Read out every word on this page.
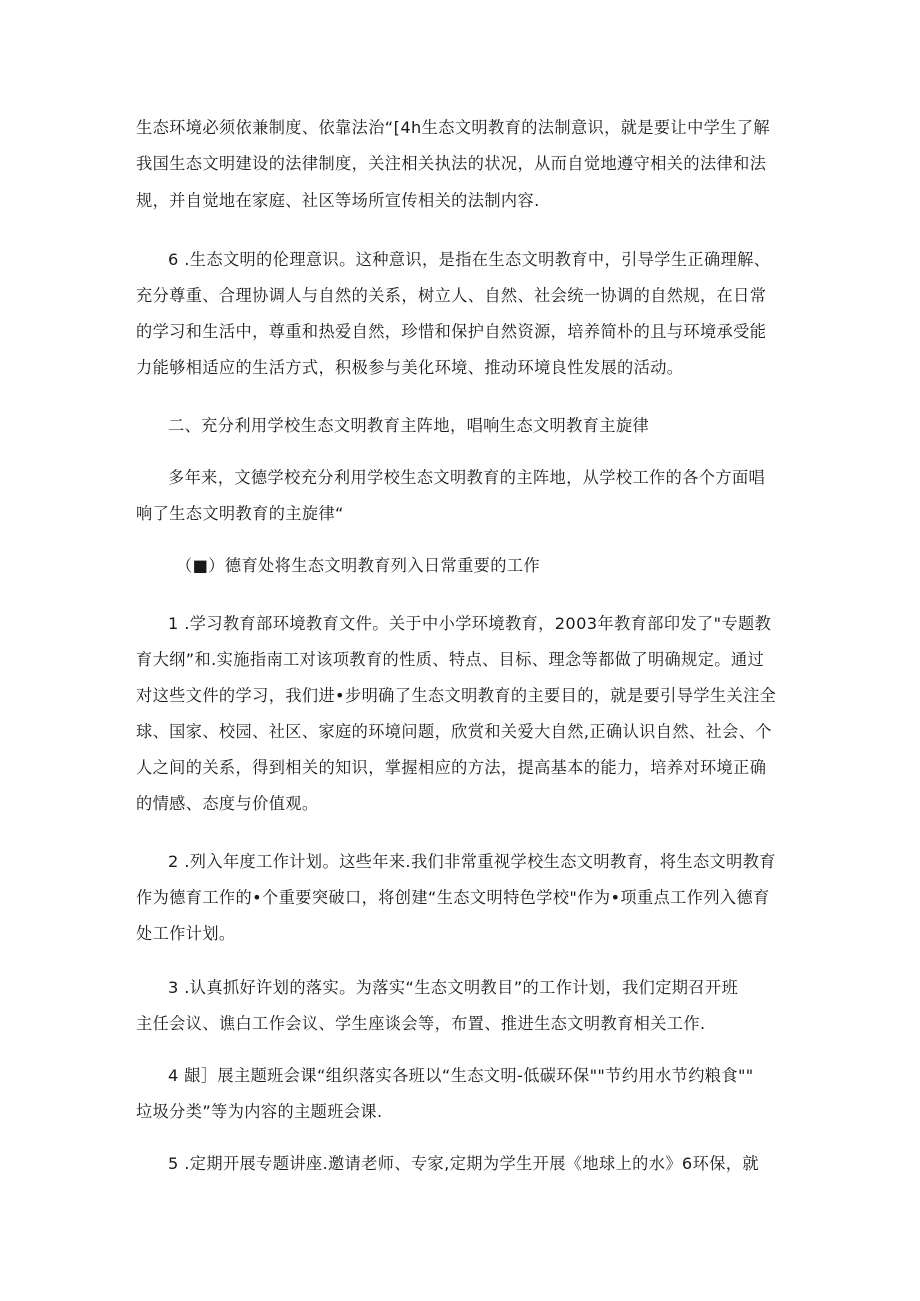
生态环境必须依兼制度、依靠法治“[4h生态文明教育的法制意识，就是要让中学生了解
我国生态文明建设的法律制度，关注相关执法的状况，从而自觉地遵守相关的法律和法
规，并自觉地在家庭、社区等场所宣传相关的法制内容.
6 .生态文明的伦理意识。这种意识，是指在生态文明教育中，引导学生正确理解、
充分尊重、合理协调人与自然的关系，树立人、自然、社会统一协调的自然规，在日常
的学习和生活中，尊重和热爱自然，珍惜和保护自然资源，培养简朴的且与环境承受能
力能够相适应的生活方式，积极参与美化环境、推动环境良性发展的活动。
二、充分利用学校生态文明教育主阵地，唱响生态文明教育主旋律
多年来，文德学校充分利用学校生态文明教育的主阵地，从学校工作的各个方面唱
响了生态文明教育的主旋律“
（■）德育处将生态文明教育列入日常重要的工作
1 .学习教育部环境教育文件。关于中小学环境教育，2003年教育部印发了"专题教
育大纲”和.实施指南工对该项教育的性质、特点、目标、理念等都做了明确规定。通过
对这些文件的学习，我们进•步明确了生态文明教育的主要目的，就是要引导学生关注全
球、国家、校园、社区、家庭的环境问题，欣赏和关爱大自然,正确认识自然、社会、个
人之间的关系，得到相关的知识，掌握相应的方法，提高基本的能力，培养对环境正确
的情感、态度与价值观。
2 .列入年度工作计划。这些年来.我们非常重视学校生态文明教育，将生态文明教育
作为德育工作的•个重要突破口，将创建“生态文明特色学校"作为•项重点工作列入德育
处工作计划。
3 .认真抓好许划的落实。为落实“生态文明教目”的工作计划，我们定期召开班
主任会议、谯白工作会议、学生座谈会等，布置、推进生态文明教育相关工作.
4 龈］展主题班会课“组织落实各班以“生态文明-低碳环保""节约用水节约粮食""
垃圾分类”等为内容的主题班会课.
5 .定期开展专题讲座.邀请老师、专家,定期为学生开展《地球上的水》6环保，就
